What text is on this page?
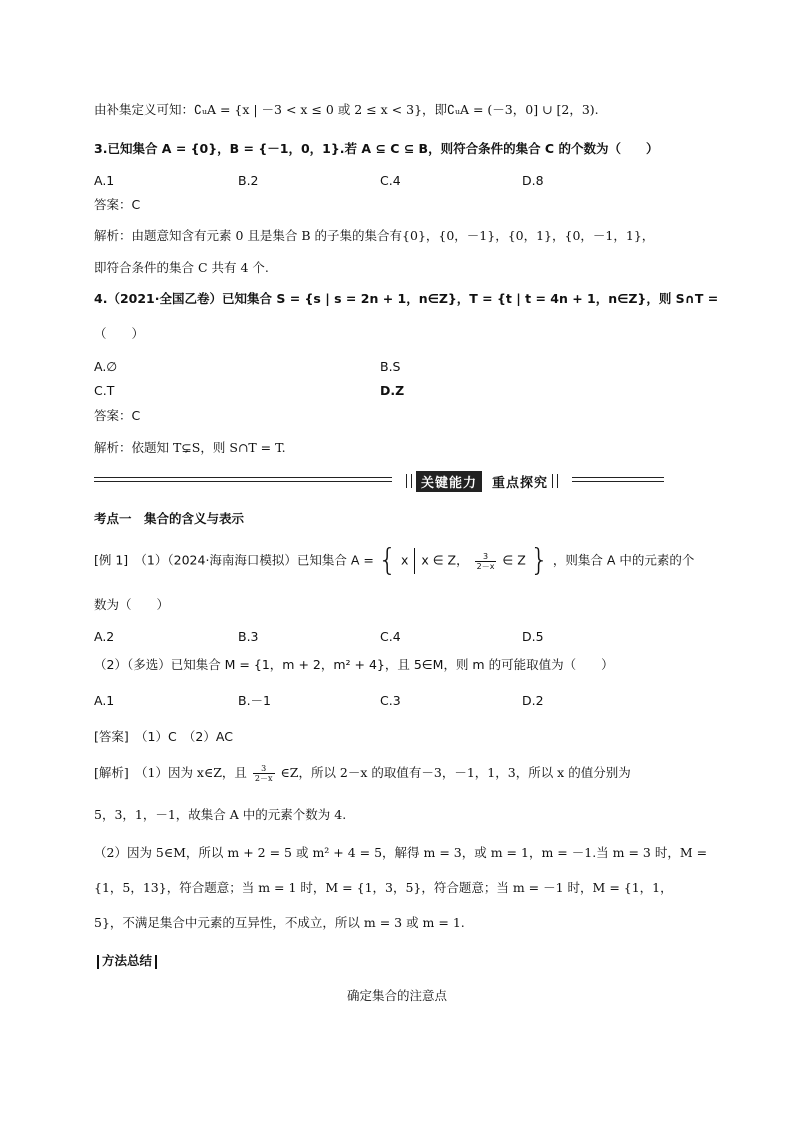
由补集定义可知：∁ᵤA = {x | －3 < x ≤ 0 或 2 ≤ x < 3}，即∁ᵤA = (－3，0] ∪ [2，3).
3.已知集合 A = {0}，B = {－1，0，1}.若 A ⊆ C ⊆ B，则符合条件的集合 C 的个数为（　　）
A.1	B.2	C.4	D.8
答案：C
解析：由题意知含有元素 0 且是集合 B 的子集的集合有{0}，{0，－1}，{0，1}，{0，－1，1}，
即符合条件的集合 C 共有 4 个.
4.（2021·全国乙卷）已知集合 S = {s | s = 2n + 1，n∈Z}，T = {t | t = 4n + 1，n∈Z}，则 S∩T =
（　　）
A.∅	B.S
C.T	D.Z
答案：C
解析：依题知 T⊊S，则 S∩T = T.
关键能力	重点探究
考点一　集合的含义与表示
[例 1]　（1）（2024·海南海口模拟）已知集合 A = { x x ∈ Z， $\frac{3}{2-x}$ ∈ Z } ，则集合 A 中的元素的个
数为（　　）
A.2	B.3	C.4	D.5
（2）（多选）已知集合 M = {1，m + 2，m² + 4}，且 5∈M，则 m 的可能取值为（　　）
A.1	B.－1	C.3	D.2
[答案]　（1）C　（2）AC
[解析]　（1）因为 x∈Z，且 $\frac{3}{2-x}$ ∈Z，所以 2－x 的取值有－3，－1，1，3，所以 x 的值分别为
5，3，1，－1，故集合 A 中的元素个数为 4.
（2）因为 5∈M，所以 m + 2 = 5 或 m² + 4 = 5，解得 m = 3，或 m = 1，m = －1.当 m = 3 时，M =
{1，5，13}，符合题意；当 m = 1 时，M = {1，3，5}，符合题意；当 m = －1 时，M = {1，1，
5}，不满足集合中元素的互异性，不成立，所以 m = 3 或 m = 1.
方法总结
确定集合的注意点
